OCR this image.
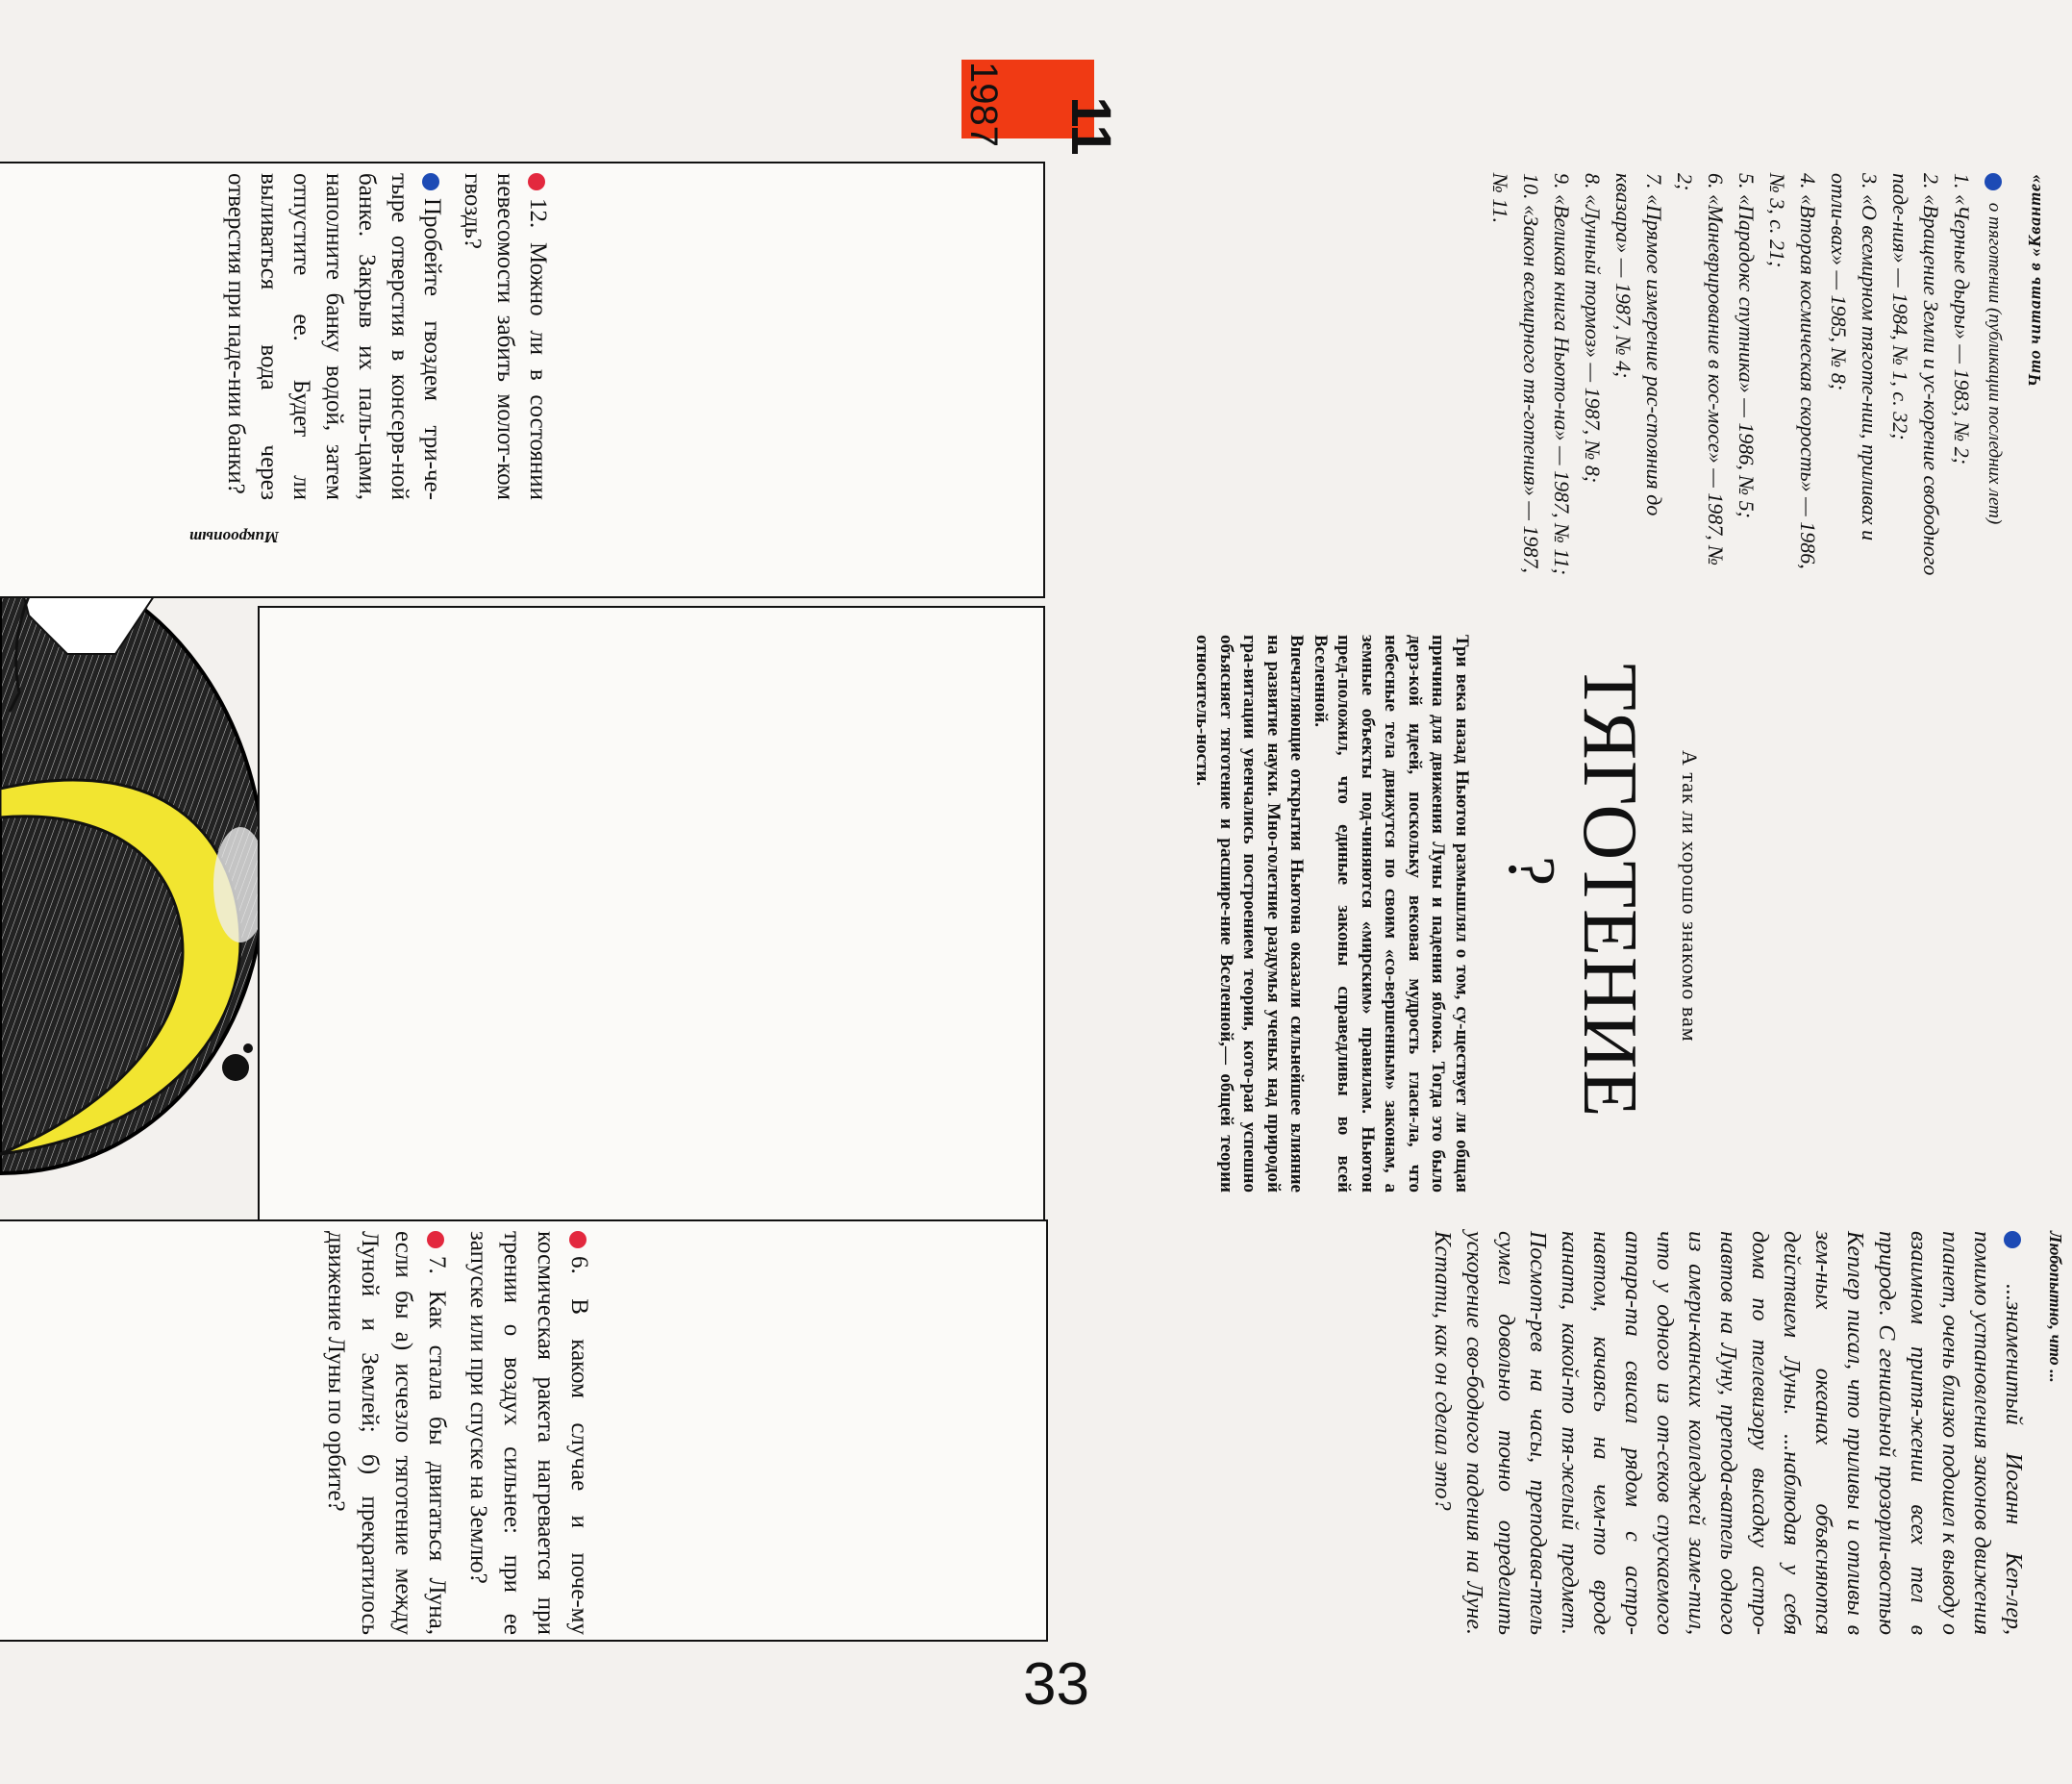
11
1987
33
Что читать в «Кванте»
о тяготении (публикации последних лет)

1. «Черные дыры» — 1983, № 2;

2. «Вращение Земли и ус-корение свободного паде-ния» — 1984, № 1, с. 32;

3. «О всемирном тяготе-нии, приливах и отли-вах» — 1985, № 8;

4. «Вторая космическая скорость» — 1986, № 3, с. 21;

5. «Парадокс спутника» — 1986, № 5;

6. «Маневрирование в кос-мосе» — 1987, № 2;

7. «Прямое измерение рас-стояния до квазара» — 1987, № 4;

8. «Лунный тормоз» — 1987, № 8;

9. «Великая книга Ньюто-на» — 1987, № 11;

10. «Закон всемирного тя-готения» — 1987, № 11.

12. Можно ли в состоянии невесомости забить молот-ком гвоздь?

Пробейте гвоздем три-че-тыре отверстия в консерв-ной банке. Закрыв их паль-цами, наполните банку водой, затем отпустите ее. Будет ли выливаться вода через отверстия при паде-нии банки?

Микроопыт
А так ли хорошо знакомо вам
ТЯГОТЕНИЕ
?

Три века назад Ньютон размышлял о том, су-ществует ли общая причина для движения Луны и падения яблока. Тогда это было дерз-кой идеей, поскольку вековая мудрость гласи-ла, что небесные тела движутся по своим «со-вершенным» законам, а земные объекты под-чиняются «мирским» правилам. Ньютон пред-положил, что единые законы справедливы во всей Вселенной.

Впечатляющие открытия Ньютона оказали сильнейшее влияние на развитие науки. Мно-голетние раздумья ученых над природой гра-витации увенчались построением теории, кото-рая успешно объясняет тяготение и расшире-ние Вселенной,— общей теории относитель-ности.

Любопытно, что ...
...знаменитый Иоганн Кеп-лер, помимо установления законов движения планет, очень близко подошел к выводу о взаимном притя-жении всех тел в природе. С гениальной прозорли-востью Кеплер писал, что приливы и отливы в зем-ных океанах объясняются действием Луны. ...наблюдая у себя дома по телевизору высадку астро-навтов на Луну, препода-ватель одного из амери-канских колледжей заме-тил, что у одного из от-секов спускаемого аппара-та свисал рядом с астро-навтом, качаясь на чем-то вроде каната, какой-то тя-желый предмет. Посмот-рев на часы, преподава-тель сумел довольно точно определить ускорение сво-бодного падения на Луне. Кстати, как он сделал это?

6. В каком случае и поче-му космическая ракета нагревается при трении о воздух сильнее: при ее запуске или при спуске на Землю?

7. Как стала бы двигаться Луна, если бы а) исчезло тяготение между Луной и Землей; б) прекратилось движение Луны по орбите?
